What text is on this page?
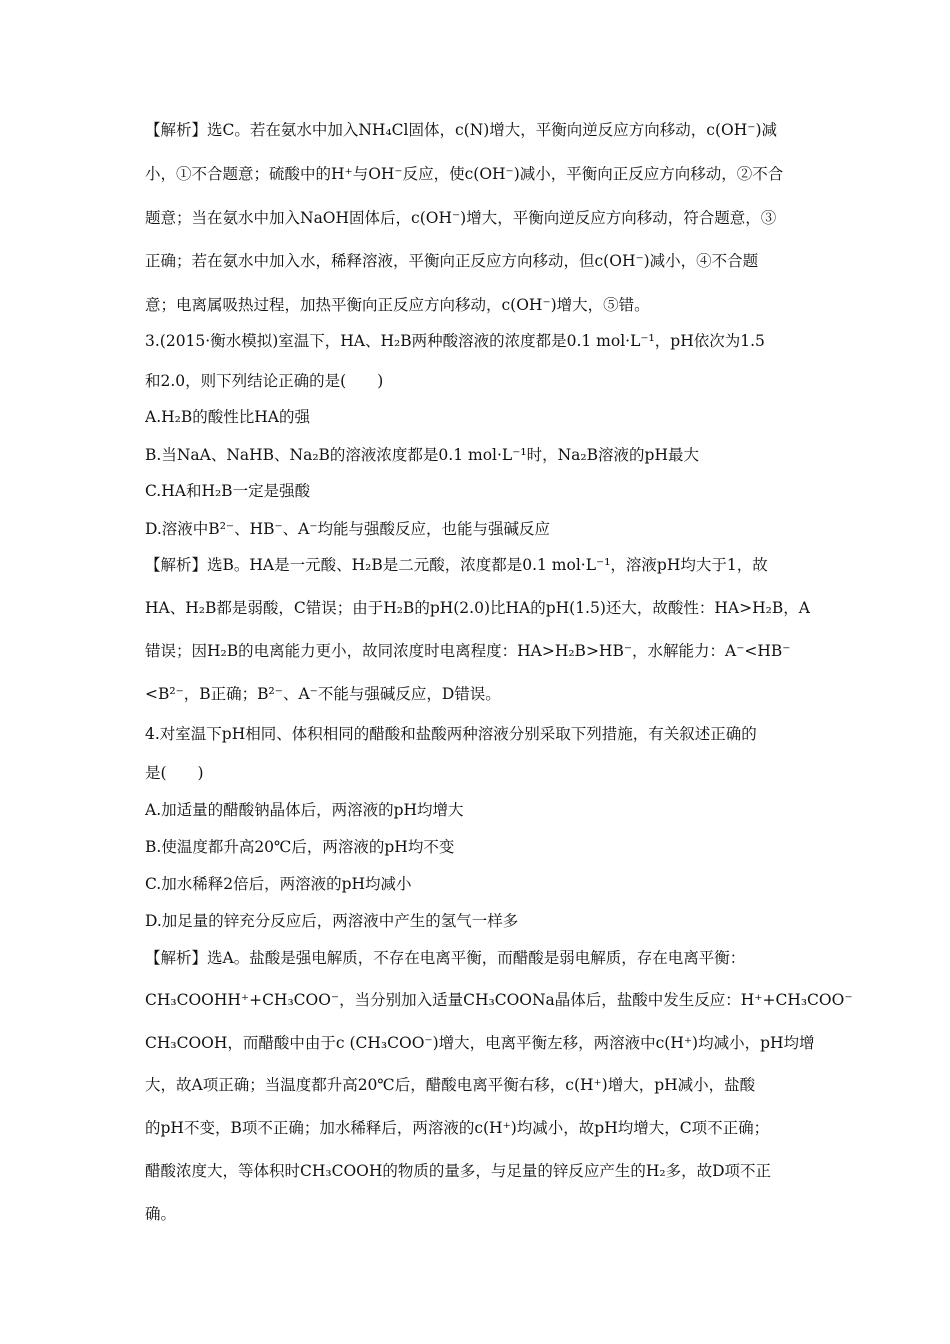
【解析】选C。若在氨水中加入NH₄Cl固体，c(N)增大，平衡向逆反应方向移动，c(OH⁻)减

小，①不合题意；硫酸中的H⁺与OH⁻反应，使c(OH⁻)减小，平衡向正反应方向移动，②不合

题意；当在氨水中加入NaOH固体后，c(OH⁻)增大，平衡向逆反应方向移动，符合题意，③

正确；若在氨水中加入水，稀释溶液，平衡向正反应方向移动，但c(OH⁻)减小，④不合题

意；电离属吸热过程，加热平衡向正反应方向移动，c(OH⁻)增大，⑤错。

3.(2015·衡水模拟)室温下，HA、H₂B两种酸溶液的浓度都是0.1 mol·L⁻¹，pH依次为1.5

和2.0，则下列结论正确的是(　　)

A.H₂B的酸性比HA的强

B.当NaA、NaHB、Na₂B的溶液浓度都是0.1 mol·L⁻¹时，Na₂B溶液的pH最大

C.HA和H₂B一定是强酸

D.溶液中B²⁻、HB⁻、A⁻均能与强酸反应，也能与强碱反应

【解析】选B。HA是一元酸、H₂B是二元酸，浓度都是0.1 mol·L⁻¹，溶液pH均大于1，故

HA、H₂B都是弱酸，C错误；由于H₂B的pH(2.0)比HA的pH(1.5)还大，故酸性：HA>H₂B，A

错误；因H₂B的电离能力更小，故同浓度时电离程度：HA>H₂B>HB⁻，水解能力：A⁻<HB⁻

<B²⁻，B正确；B²⁻、A⁻不能与强碱反应，D错误。

4.对室温下pH相同、体积相同的醋酸和盐酸两种溶液分别采取下列措施，有关叙述正确的

是(　　)

A.加适量的醋酸钠晶体后，两溶液的pH均增大

B.使温度都升高20℃后，两溶液的pH均不变

C.加水稀释2倍后，两溶液的pH均减小

D.加足量的锌充分反应后，两溶液中产生的氢气一样多

【解析】选A。盐酸是强电解质，不存在电离平衡，而醋酸是弱电解质，存在电离平衡：

CH₃COOHH⁺+CH₃COO⁻，当分别加入适量CH₃COONa晶体后，盐酸中发生反应：H⁺+CH₃COO⁻

CH₃COOH，而醋酸中由于c (CH₃COO⁻)增大，电离平衡左移，两溶液中c(H⁺)均减小，pH均增

大，故A项正确；当温度都升高20℃后，醋酸电离平衡右移，c(H⁺)增大，pH减小，盐酸

的pH不变，B项不正确；加水稀释后，两溶液的c(H⁺)均减小，故pH均增大，C项不正确；

醋酸浓度大，等体积时CH₃COOH的物质的量多，与足量的锌反应产生的H₂多，故D项不正

确。
